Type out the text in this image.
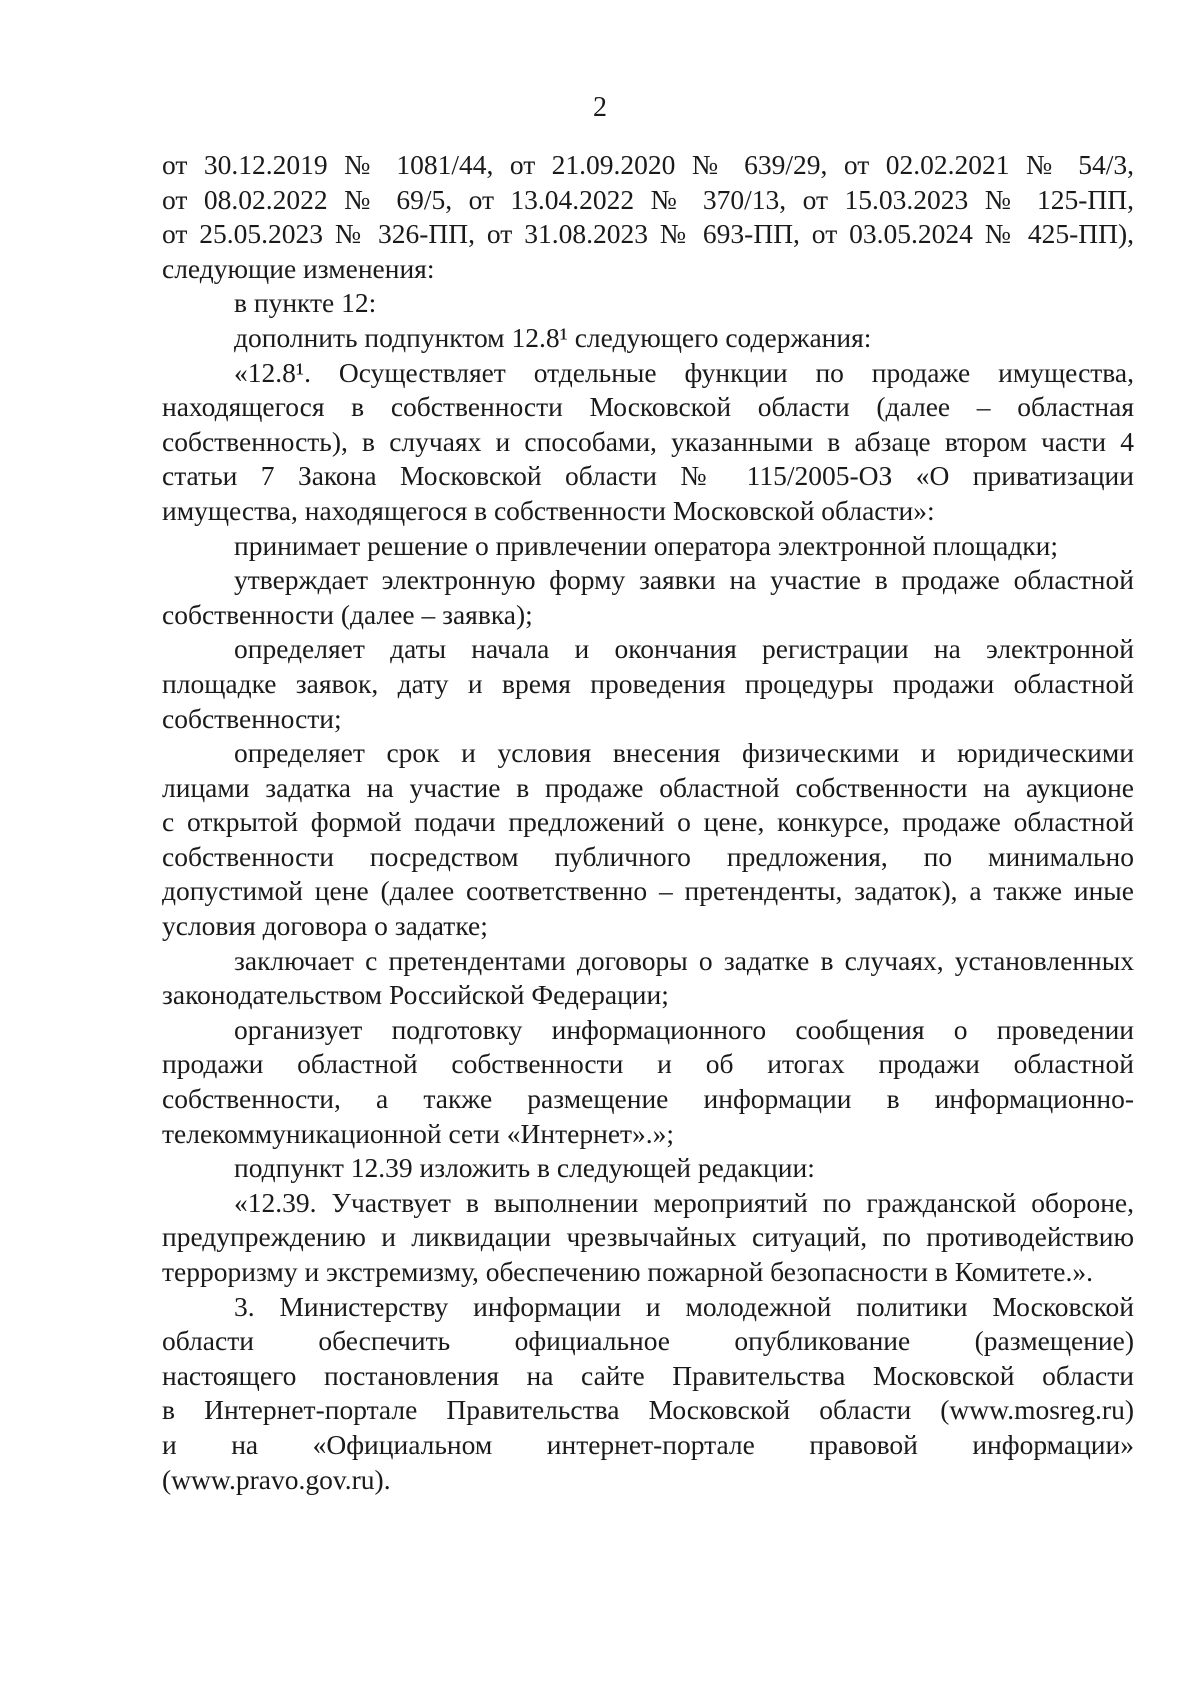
2
от 30.12.2019 № 1081/44, от 21.09.2020 № 639/29, от 02.02.2021 № 54/3,
от 08.02.2022 № 69/5, от 13.04.2022 № 370/13, от 15.03.2023 № 125-ПП,
от 25.05.2023 № 326-ПП, от 31.08.2023 № 693-ПП, от 03.05.2024 № 425-ПП),
следующие изменения:
в пункте 12:
дополнить подпунктом 12.8¹ следующего содержания:
«12.8¹. Осуществляет отдельные функции по продаже имущества,
находящегося в собственности Московской области (далее – областная
собственность), в случаях и способами, указанными в абзаце втором части 4
статьи 7 Закона Московской области № 115/2005-ОЗ «О приватизации
имущества, находящегося в собственности Московской области»:
принимает решение о привлечении оператора электронной площадки;
утверждает электронную форму заявки на участие в продаже областной
собственности (далее – заявка);
определяет даты начала и окончания регистрации на электронной
площадке заявок, дату и время проведения процедуры продажи областной
собственности;
определяет срок и условия внесения физическими и юридическими
лицами задатка на участие в продаже областной собственности на аукционе
с открытой формой подачи предложений о цене, конкурсе, продаже областной
собственности посредством публичного предложения, по минимально
допустимой цене (далее соответственно – претенденты, задаток), а также иные
условия договора о задатке;
заключает с претендентами договоры о задатке в случаях, установленных
законодательством Российской Федерации;
организует подготовку информационного сообщения о проведении
продажи областной собственности и об итогах продажи областной
собственности, а также размещение информации в информационно-
телекоммуникационной сети «Интернет».»;
подпункт 12.39 изложить в следующей редакции:
«12.39. Участвует в выполнении мероприятий по гражданской обороне,
предупреждению и ликвидации чрезвычайных ситуаций, по противодействию
терроризму и экстремизму, обеспечению пожарной безопасности в Комитете.».
3. Министерству информации и молодежной политики Московской
области обеспечить официальное опубликование (размещение)
настоящего постановления на сайте Правительства Московской области
в Интернет-портале Правительства Московской области (www.mosreg.ru)
и на «Официальном интернет-портале правовой информации»
(www.pravo.gov.ru).
